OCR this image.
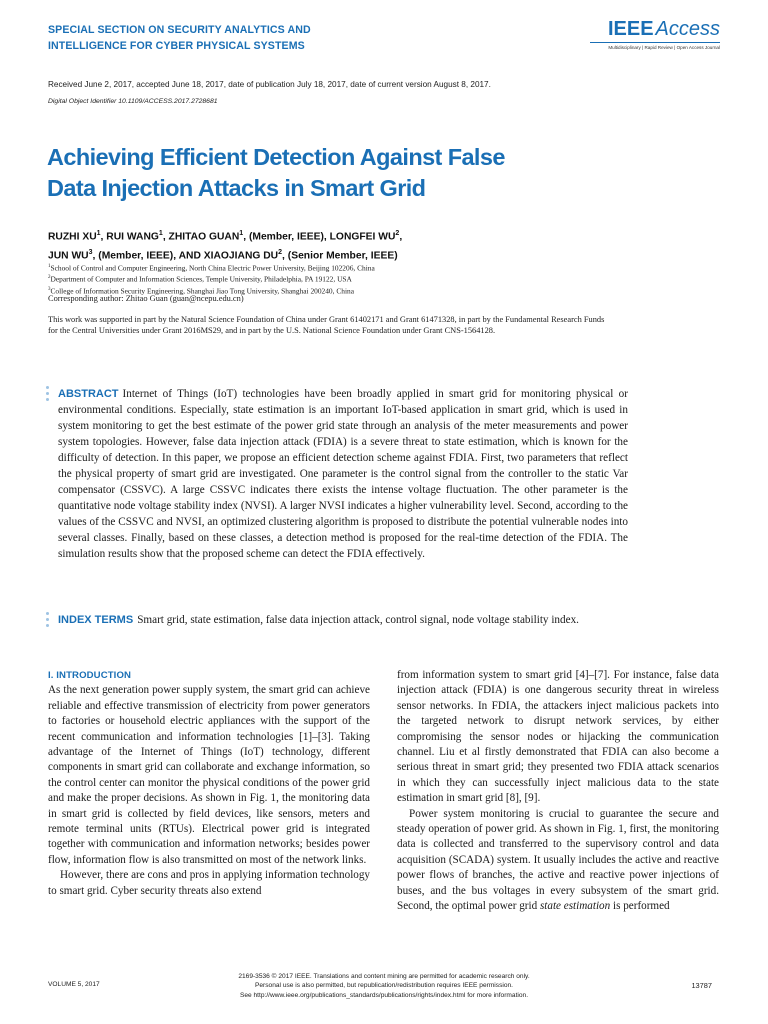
SPECIAL SECTION ON SECURITY ANALYTICS AND
INTELLIGENCE FOR CYBER PHYSICAL SYSTEMS
IEEE Access
Multidisciplinary | Rapid Review | Open Access Journal
Received June 2, 2017, accepted June 18, 2017, date of publication July 18, 2017, date of current version August 8, 2017.
Digital Object Identifier 10.1109/ACCESS.2017.2728681
Achieving Efficient Detection Against False
Data Injection Attacks in Smart Grid
RUZHI $XU^1$, RUI WANG$^1$, ZHITAO GUAN$^1$, (Member, IEEE), LONGFEI $WU^2$,
JUN $WU^3$, (Member, IEEE), AND XIAOJIANG $DU^2$, (Senior Member, IEEE)
$^1$School of Control and Computer Engineering, North China Electric Power University, Beijing 102206, China
$^2$Department of Computer and Information Sciences, Temple University, Philadelphia, PA 19122, USA
$^3$College of Information Security Engineering, Shanghai Jiao Tong University, Shanghai 200240, China
Corresponding author: Zhitao Guan (guan@ncepu.edu.cn)
This work was supported in part by the Natural Science Foundation of China under Grant 61402171 and Grant 61471328, in part by the Fundamental Research Funds for the Central Universities under Grant 2016MS29, and in part by the U.S. National Science Foundation under Grant CNS-1564128.
ABSTRACT Internet of Things (IoT) technologies have been broadly applied in smart grid for monitoring physical or environmental conditions. Especially, state estimation is an important IoT-based application in smart grid, which is used in system monitoring to get the best estimate of the power grid state through an analysis of the meter measurements and power system topologies. However, false data injection attack (FDIA) is a severe threat to state estimation, which is known for the difficulty of detection. In this paper, we propose an efficient detection scheme against FDIA. First, two parameters that reflect the physical property of smart grid are investigated. One parameter is the control signal from the controller to the static Var compensator (CSSVC). A large CSSVC indicates there exists the intense voltage fluctuation. The other parameter is the quantitative node voltage stability index (NVSI). A larger NVSI indicates a higher vulnerability level. Second, according to the values of the CSSVC and NVSI, an optimized clustering algorithm is proposed to distribute the potential vulnerable nodes into several classes. Finally, based on these classes, a detection method is proposed for the real-time detection of the FDIA. The simulation results show that the proposed scheme can detect the FDIA effectively.
INDEX TERMS Smart grid, state estimation, false data injection attack, control signal, node voltage stability index.
I. INTRODUCTION

As the next generation power supply system, the smart grid can achieve reliable and effective transmission of electricity from power generators to factories or household electric appliances with the support of the recent communication and information technologies [1]–[3]. Taking advantage of the Internet of Things (IoT) technology, different components in smart grid can collaborate and exchange information, so the control center can monitor the physical conditions of the power grid and make the proper decisions. As shown in Fig. 1, the monitoring data in smart grid is collected by field devices, like sensors, meters and remote terminal units (RTUs). Electrical power grid is integrated together with communication and information networks; besides power flow, information flow is also transmitted on most of the network links.

However, there are cons and pros in applying information technology to smart grid. Cyber security threats also extend

from information system to smart grid [4]–[7]. For instance, false data injection attack (FDIA) is one dangerous security threat in wireless sensor networks. In FDIA, the attackers inject malicious packets into the targeted network to disrupt network services, by either compromising the sensor nodes or hijacking the communication channel. Liu et al firstly demonstrated that FDIA can also become a serious threat in smart grid; they presented two FDIA attack scenarios in which they can successfully inject malicious data to the state estimation in smart grid [8], [9].

Power system monitoring is crucial to guarantee the secure and steady operation of power grid. As shown in Fig. 1, first, the monitoring data is collected and transferred to the supervisory control and data acquisition (SCADA) system. It usually includes the active and reactive power flows of branches, the active and reactive power injections of buses, and the bus voltages in every subsystem of the smart grid. Second, the optimal power grid state estimation is performed

VOLUME 5, 2017
2169-3536 © 2017 IEEE. Translations and content mining are permitted for academic research only.
Personal use is also permitted, but republication/redistribution requires IEEE permission.
See http://www.ieee.org/publications_standards/publications/rights/index.html for more information.
13787
